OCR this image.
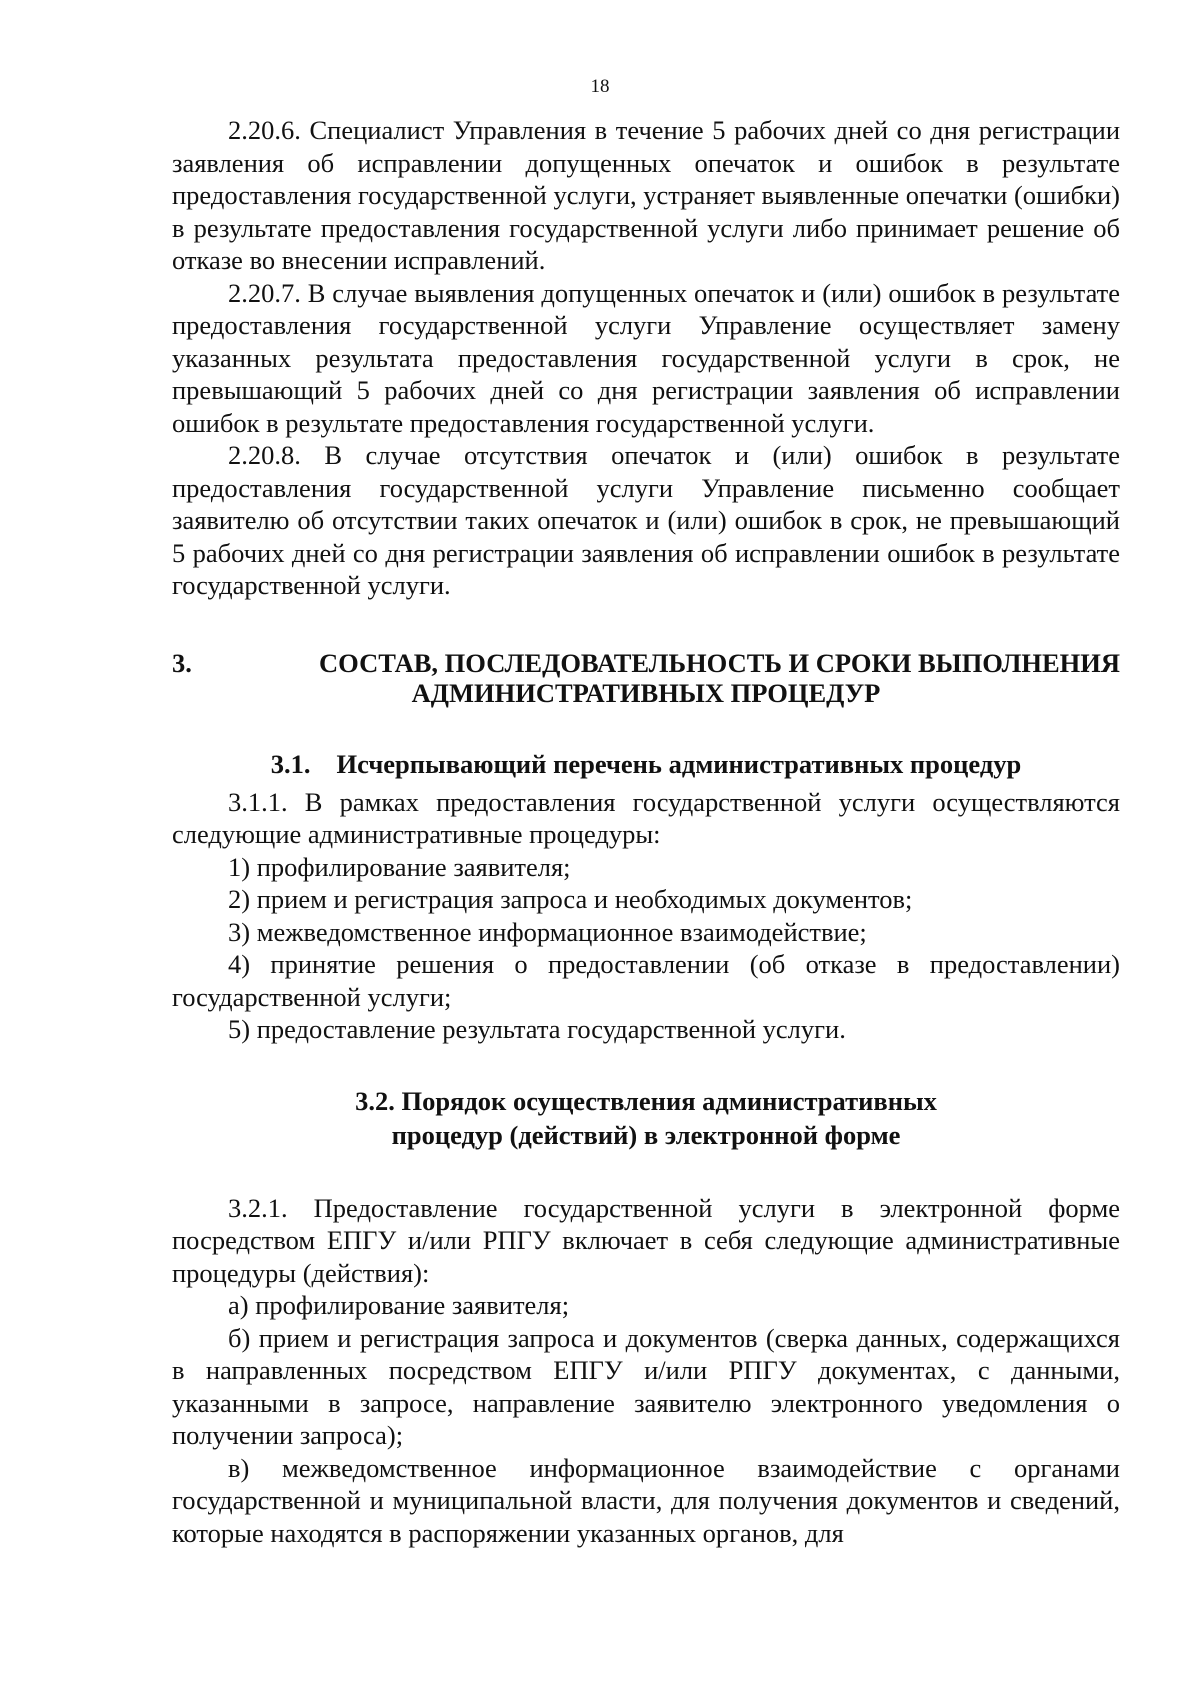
18

2.20.6. Специалист Управления в течение 5 рабочих дней со дня регистрации заявления об исправлении допущенных опечаток и ошибок в результате предоставления государственной услуги, устраняет выявленные опечатки (ошибки) в результате предоставления государственной услуги либо принимает решение об отказе во внесении исправлений.

2.20.7. В случае выявления допущенных опечаток и (или) ошибок в результате предоставления государственной услуги Управление осуществляет замену указанных результата предоставления государственной услуги в срок, не превышающий 5 рабочих дней со дня регистрации заявления об исправлении ошибок в результате предоставления государственной услуги.

2.20.8. В случае отсутствия опечаток и (или) ошибок в результате предоставления государственной услуги Управление письменно сообщает заявителю об отсутствии таких опечаток и (или) ошибок в срок, не превышающий 5 рабочих дней со дня регистрации заявления об исправлении ошибок в результате государственной услуги.

3.	СОСТАВ, ПОСЛЕДОВАТЕЛЬНОСТЬ И СРОКИ ВЫПОЛНЕНИЯ
АДМИНИСТРАТИВНЫХ ПРОЦЕДУР
3.1. Исчерпывающий перечень административных процедур

3.1.1. В рамках предоставления государственной услуги осуществляются следующие административные процедуры:

1) профилирование заявителя;

2) прием и регистрация запроса и необходимых документов;

3) межведомственное информационное взаимодействие;

4) принятие решения о предоставлении (об отказе в предоставлении) государственной услуги;

5) предоставление результата государственной услуги.

3.2. Порядок осуществления административных
процедур (действий) в электронной форме

3.2.1. Предоставление государственной услуги в электронной форме посредством ЕПГУ и/или РПГУ включает в себя следующие административные процедуры (действия):

а) профилирование заявителя;

б) прием и регистрация запроса и документов (сверка данных, содержащихся в направленных посредством ЕПГУ и/или РПГУ документах, с данными, указанными в запросе, направление заявителю электронного уведомления о получении запроса);

в) межведомственное информационное взаимодействие с органами государственной и муниципальной власти, для получения документов и сведений, которые находятся в распоряжении указанных органов, для
